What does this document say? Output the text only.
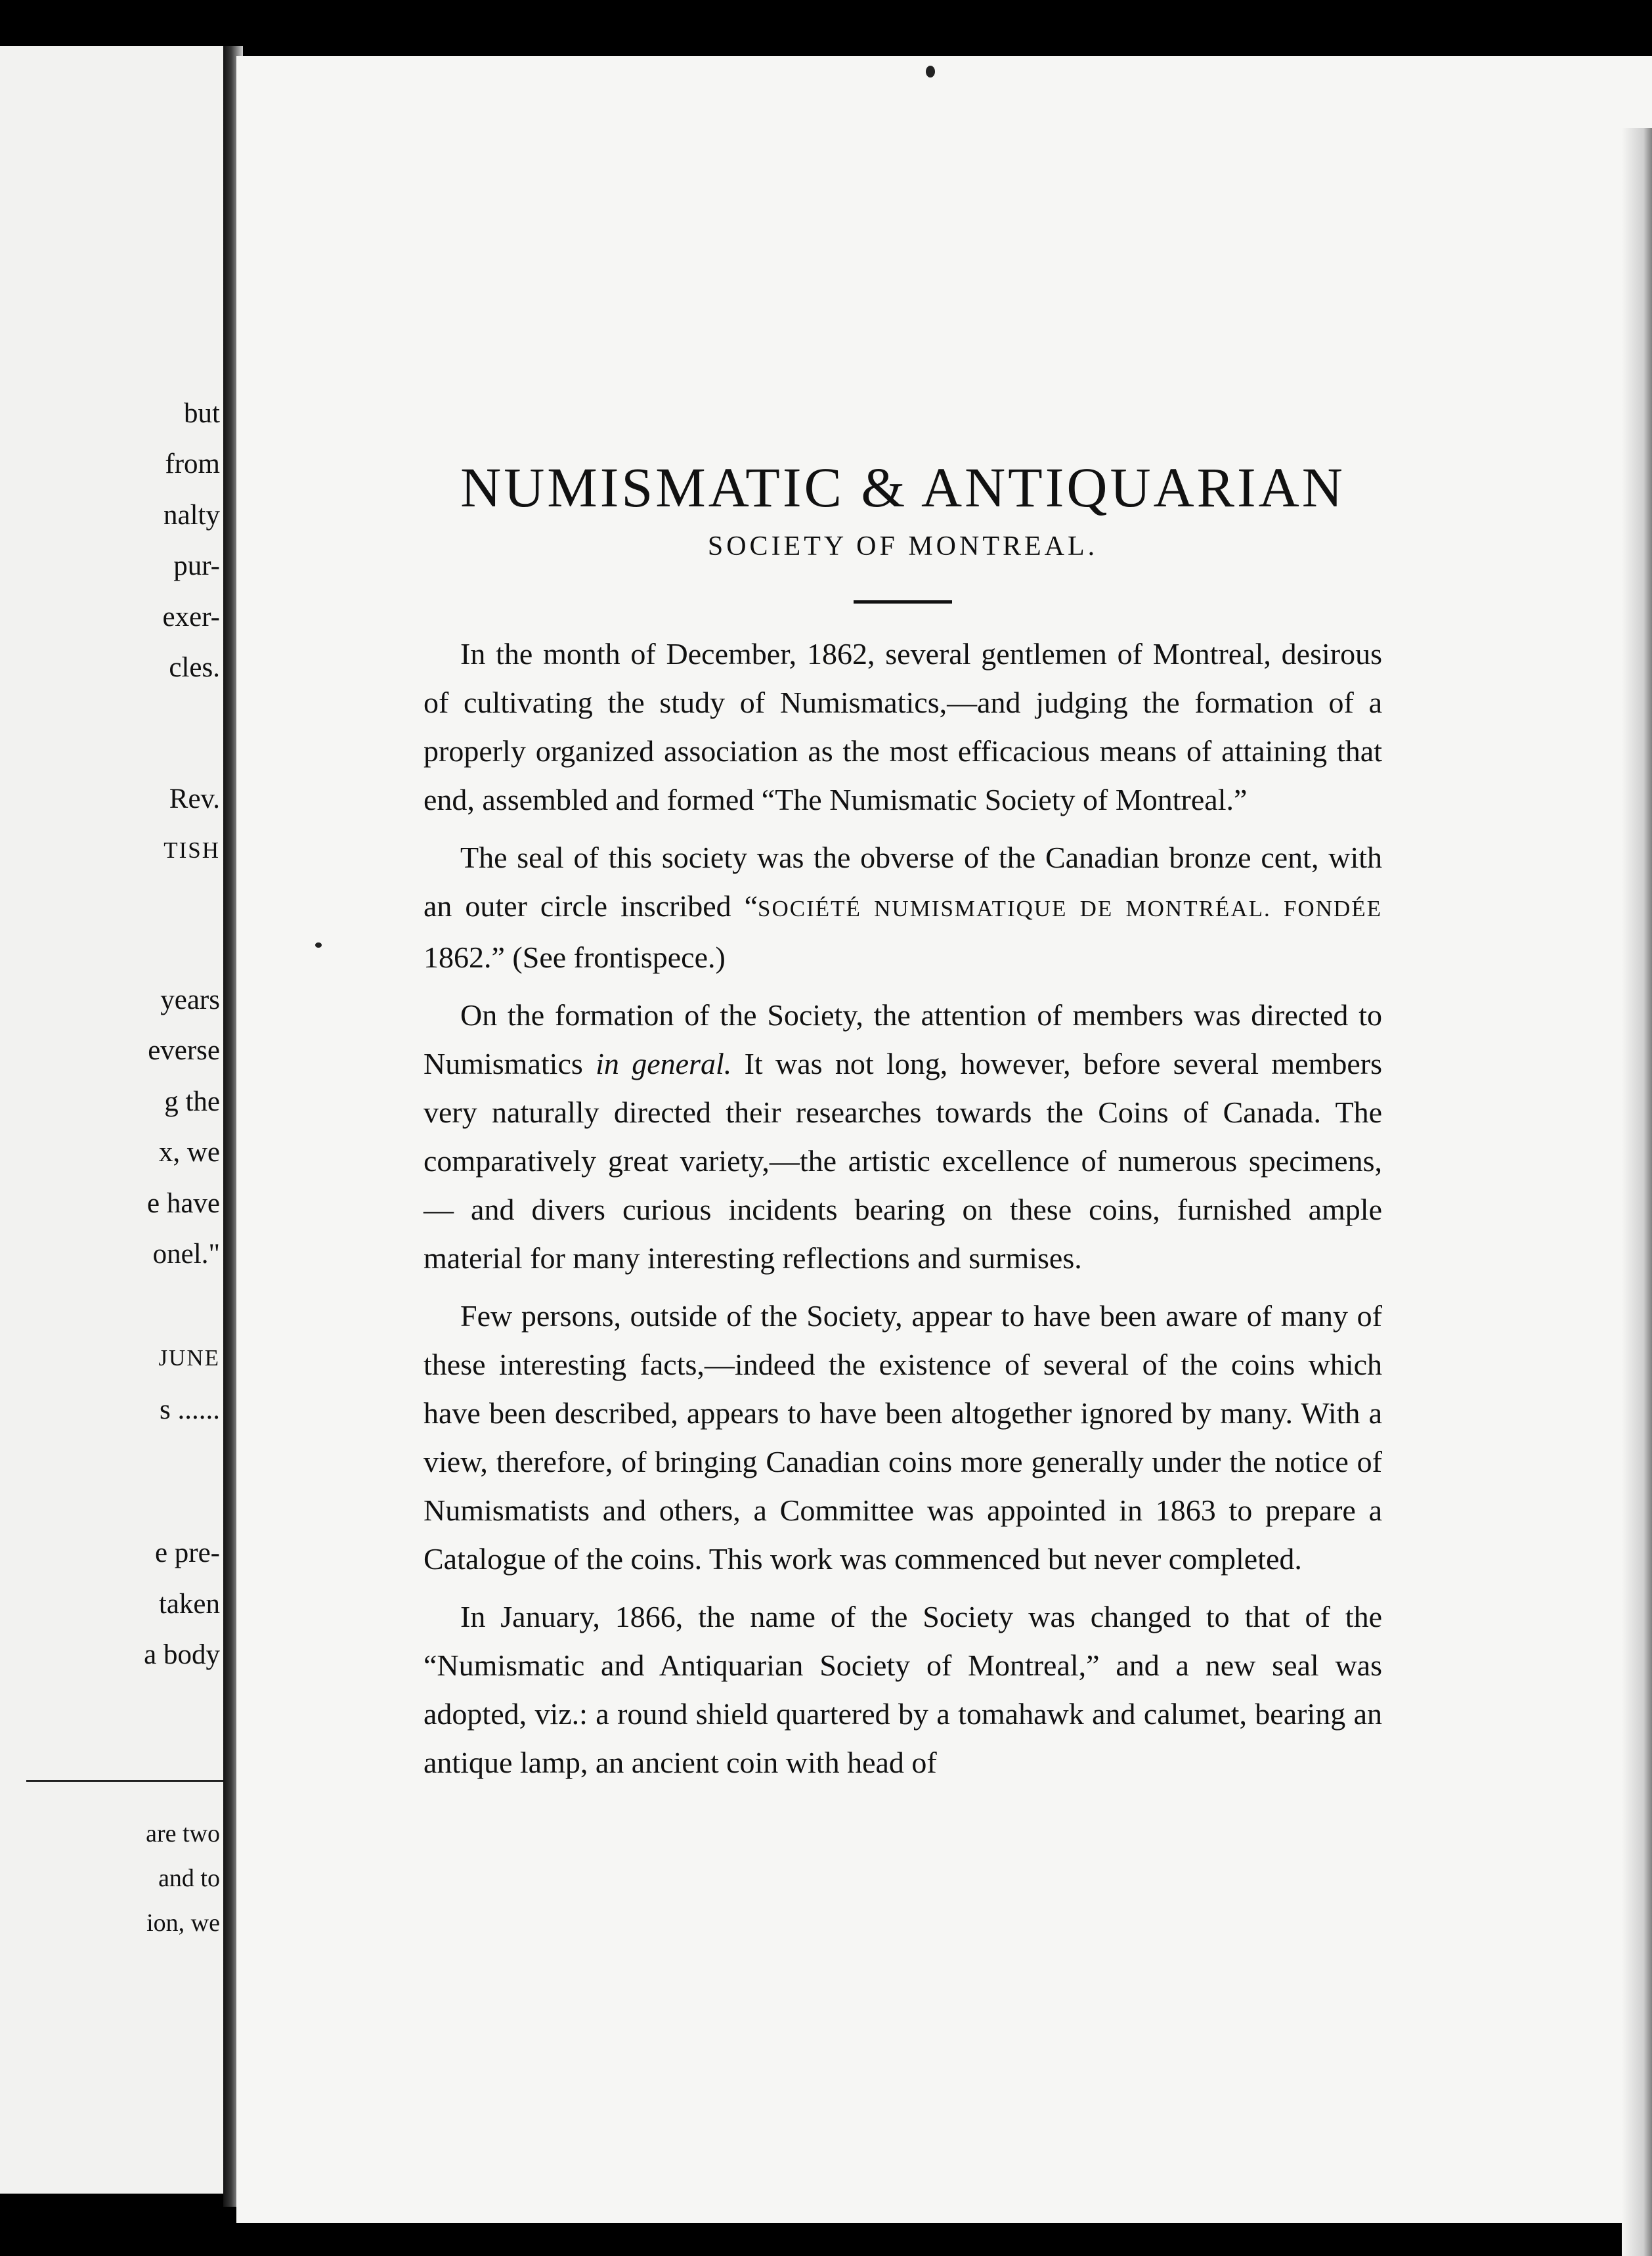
but
from
nalty
pur-
exer-
cles.
Rev.
TISH
years
everse
g the
x, we
e have
onel."
JUNE
s ......
e pre-
taken
a body
are two
and to
ion, we
NUMISMATIC & ANTIQUARIAN
SOCIETY OF MONTREAL.

In the month of December, 1862, several gentlemen of Montreal, desirous of cultivating the study of Numismatics,—and judging the formation of a properly organized association as the most efficacious means of attaining that end, assembled and formed “The Numismatic Society of Montreal.”

The seal of this society was the obverse of the Canadian bronze cent, with an outer circle inscribed “SOCIÉTÉ NUMISMATIQUE DE MONTRÉAL. FONDÉE 1862.” (See frontispece.)

On the formation of the Society, the attention of members was directed to Numismatics in general. It was not long, however, before several members very naturally directed their researches towards the Coins of Canada. The comparatively great variety,—the artistic excellence of numerous specimens, — and divers curious incidents bearing on these coins, furnished ample material for many interesting reflections and surmises.

Few persons, outside of the Society, appear to have been aware of many of these interesting facts,—indeed the existence of several of the coins which have been described, appears to have been altogether ignored by many. With a view, therefore, of bringing Canadian coins more generally under the notice of Numismatists and others, a Committee was appointed in 1863 to prepare a Catalogue of the coins. This work was commenced but never completed.

In January, 1866, the name of the Society was changed to that of the “Numismatic and Antiquarian Society of Montreal,” and a new seal was adopted, viz.: a round shield quartered by a tomahawk and calumet, bearing an antique lamp, an ancient coin with head of
